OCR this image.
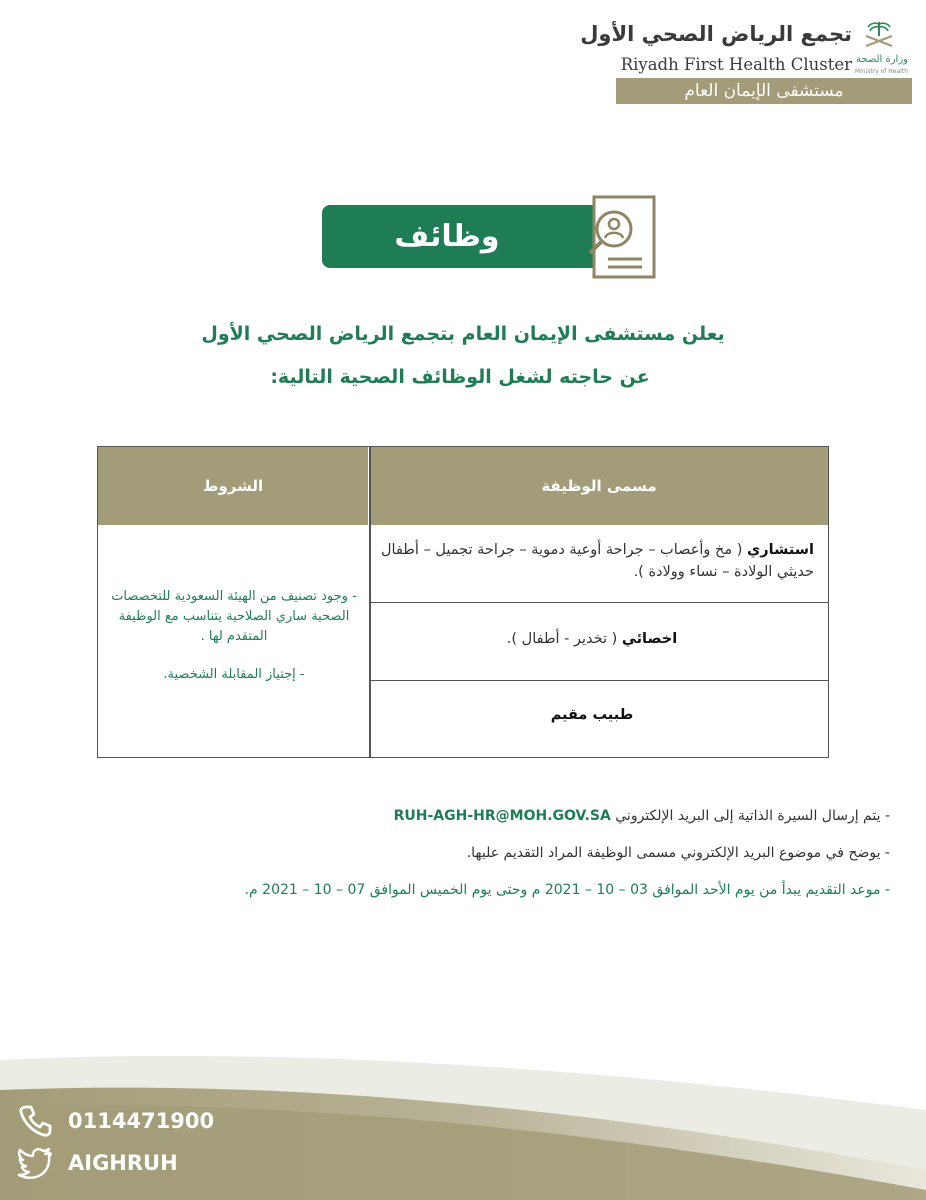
تجمع الرياض الصحي الأول
Riyadh First Health Cluster وزارة الصحة
Ministry of Health
مستشفى الإيمان العام
وظائف شاغرة
يعلن مستشفى الإيمان العام بتجمع الرياض الصحي الأول
عن حاجته لشغل الوظائف الصحية التالية:
الشروط	مسمى الوظيفة
استشاري ( مخ وأعصاب – جراحة أوعية دموية – جراحة تجميل – أطفال حديثي الولادة – نساء وولادة ).
اخصائي ( تخدير - أطفال ).
طبيب مقيم

- وجود تصنيف من الهيئة السعودية للتخصصات الصحية ساري الصلاحية يتناسب مع الوظيفة المتقدم لها .

- إجتياز المقابلة الشخصية.

- يتم إرسال السيرة الذاتية إلى البريد الإلكتروني RUH-AGH-HR@MOH.GOV.SA
- يوضح في موضوع البريد الإلكتروني مسمى الوظيفة المراد التقديم عليها.
- موعد التقديم يبدأ من يوم الأحد الموافق 03 – 10 – 2021 م وحتى يوم الخميس الموافق 07 – 10 – 2021 م.
0114471900
AIGHRUH
